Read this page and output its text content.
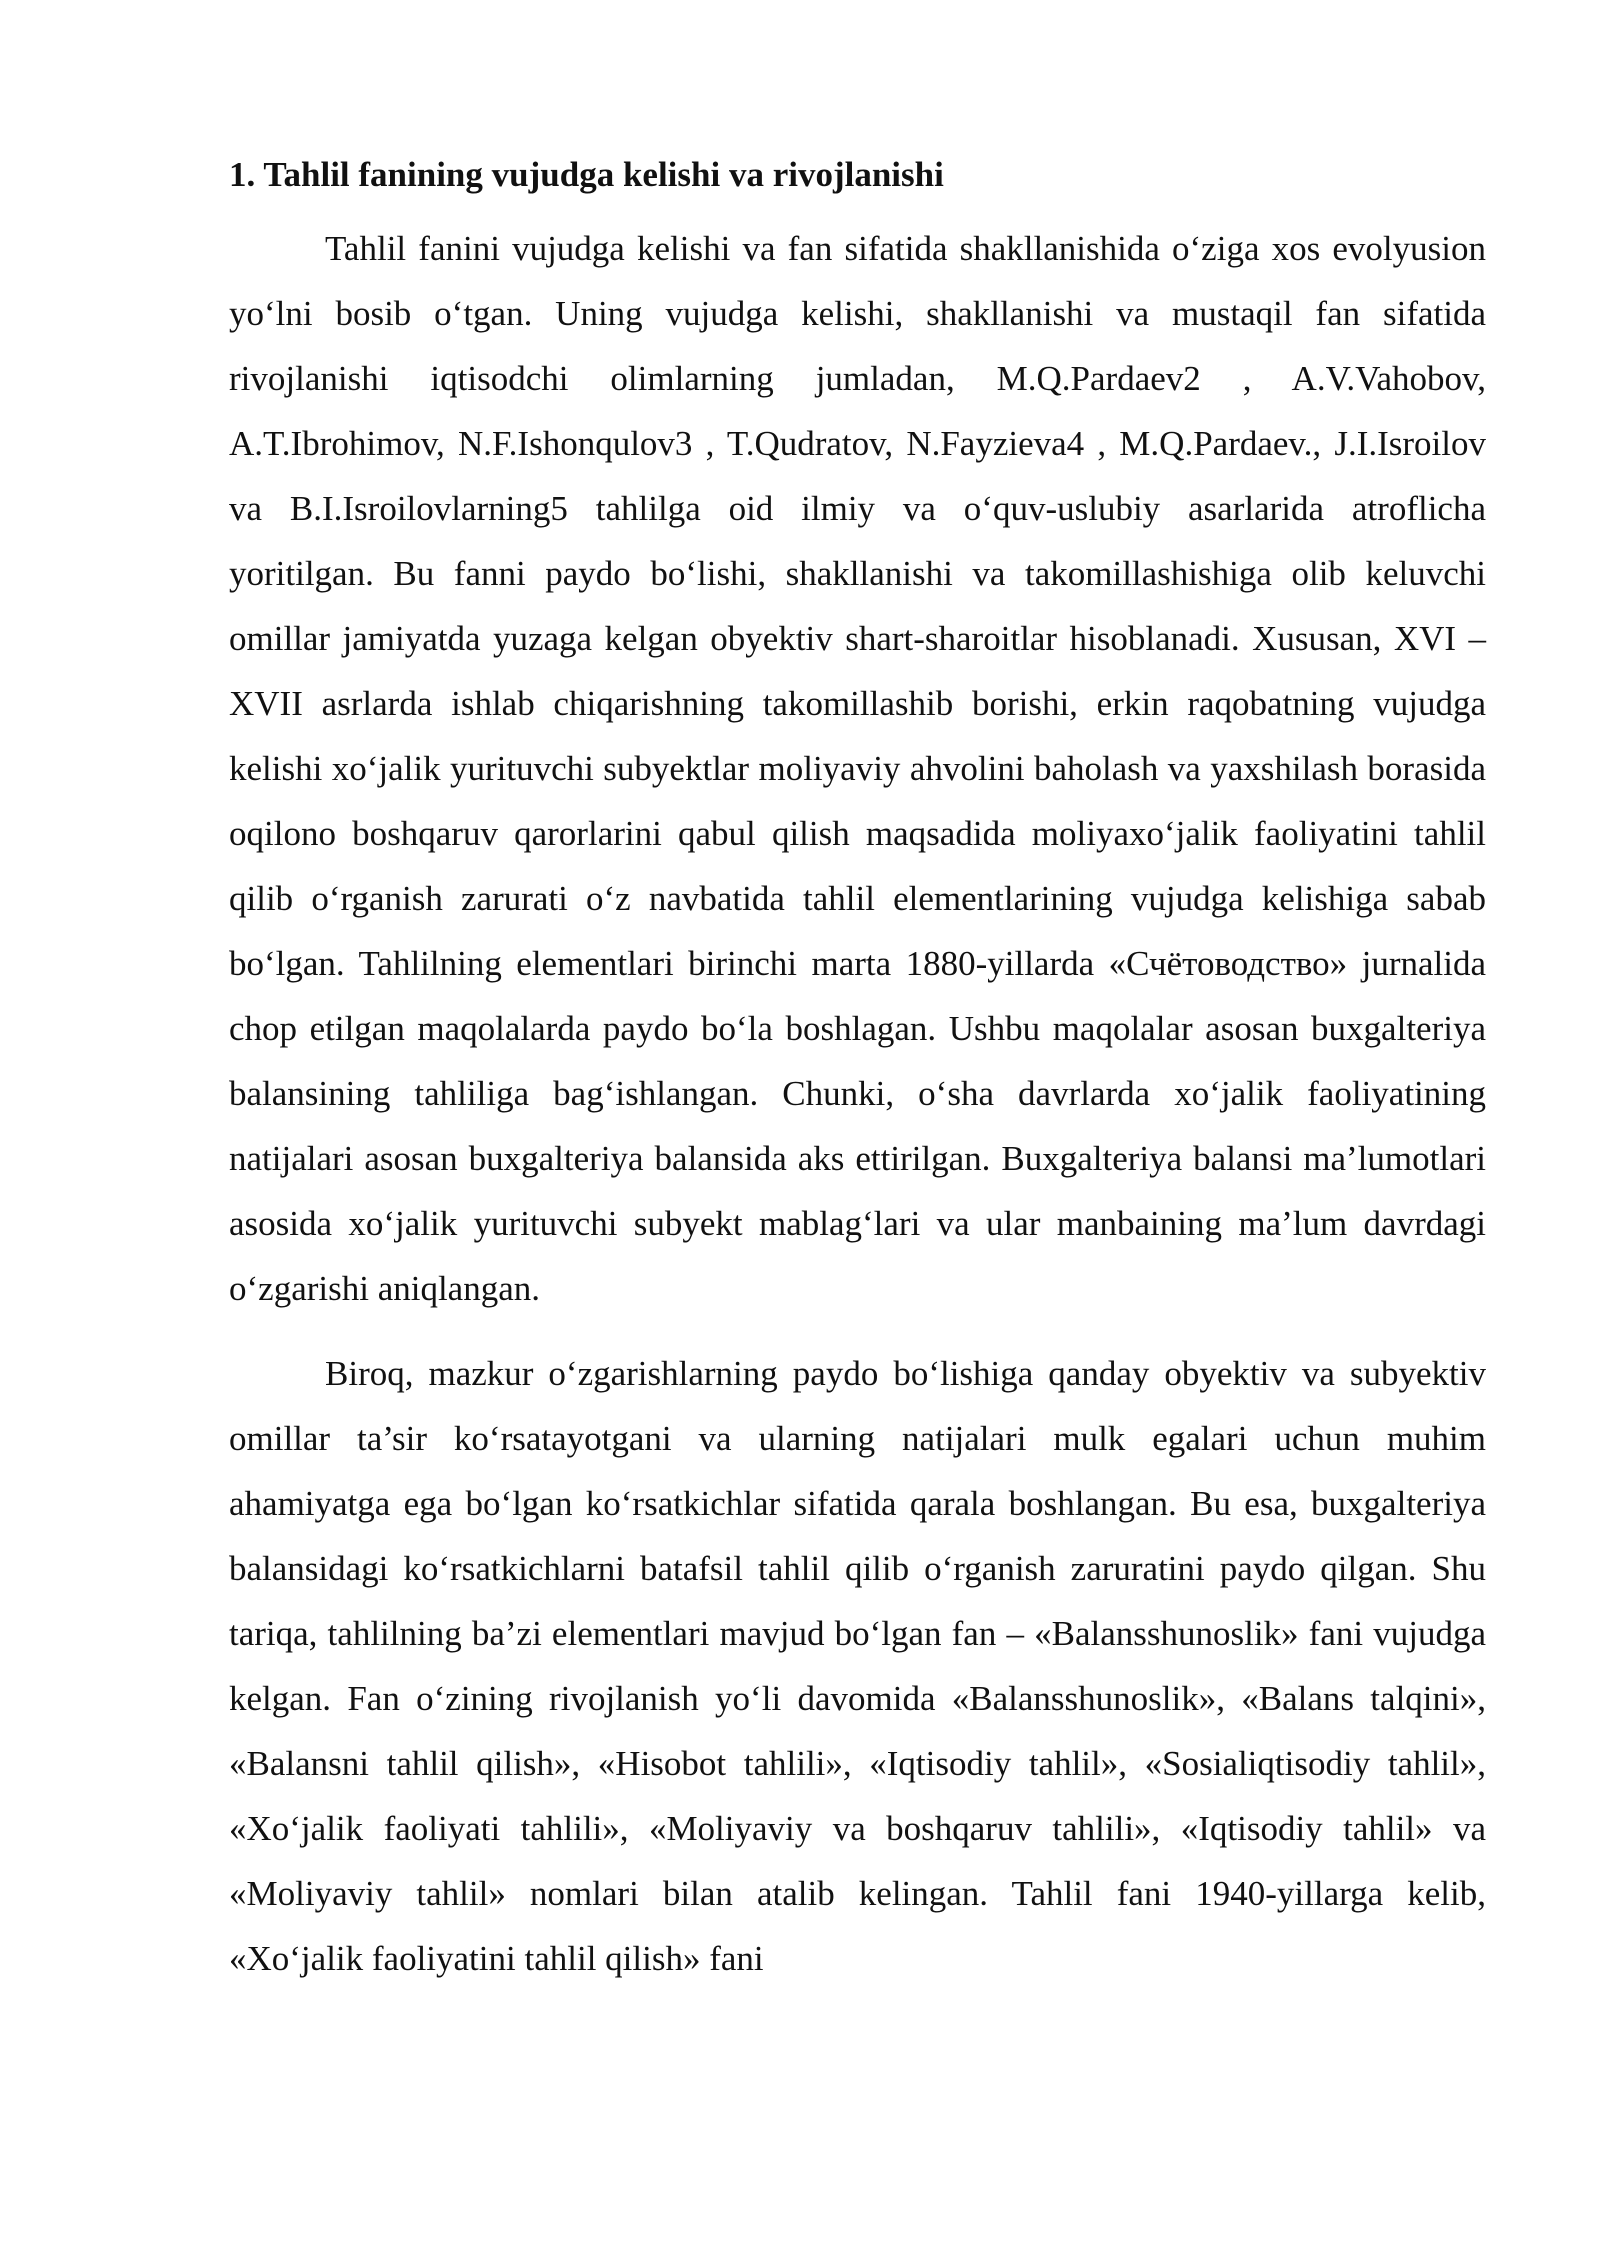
1. Tahlil fanining vujudga kelishi va rivojlanishi

Tahlil fanini vujudga kelishi va fan sifatida shakllanishida o‘ziga xos evolyusion yo‘lni bosib o‘tgan. Uning vujudga kelishi, shakllanishi va mustaqil fan sifatida rivojlanishi iqtisodchi olimlarning jumladan, M.Q.Pardaev2 , A.V.Vahobov, A.T.Ibrohimov, N.F.Ishonqulov3 , T.Qudratov, N.Fayzieva4 , M.Q.Pardaev., J.I.Isroilov va B.I.Isroilovlarning5 tahlilga oid ilmiy va o‘quv-uslubiy asarlarida atroflicha yoritilgan. Bu fanni paydo bo‘lishi, shakllanishi va takomillashishiga olib keluvchi omillar jamiyatda yuzaga kelgan obyektiv shart-sharoitlar hisoblanadi. Xususan, XVI – XVII asrlarda ishlab chiqarishning takomillashib borishi, erkin raqobatning vujudga kelishi xo‘jalik yurituvchi subyektlar moliyaviy ahvolini baholash va yaxshilash borasida oqilono boshqaruv qarorlarini qabul qilish maqsadida moliyaxo‘jalik faoliyatini tahlil qilib o‘rganish zarurati o‘z navbatida tahlil elementlarining vujudga kelishiga sabab bo‘lgan. Tahlilning elementlari birinchi marta 1880-yillarda «Счётоводство» jurnalida chop etilgan maqolalarda paydo bo‘la boshlagan. Ushbu maqolalar asosan buxgalteriya balansining tahliliga bag‘ishlangan. Chunki, o‘sha davrlarda xo‘jalik faoliyatining natijalari asosan buxgalteriya balansida aks ettirilgan. Buxgalteriya balansi ma’lumotlari asosida xo‘jalik yurituvchi subyekt mablag‘lari va ular manbaining ma’lum davrdagi o‘zgarishi aniqlangan.

Biroq, mazkur o‘zgarishlarning paydo bo‘lishiga qanday obyektiv va subyektiv omillar ta’sir ko‘rsatayotgani va ularning natijalari mulk egalari uchun muhim ahamiyatga ega bo‘lgan ko‘rsatkichlar sifatida qarala boshlangan. Bu esa, buxgalteriya balansidagi ko‘rsatkichlarni batafsil tahlil qilib o‘rganish zaruratini paydo qilgan. Shu tariqa, tahlilning ba’zi elementlari mavjud bo‘lgan fan – «Balansshunoslik» fani vujudga kelgan. Fan o‘zining rivojlanish yo‘li davomida «Balansshunoslik», «Balans talqini», «Balansni tahlil qilish», «Hisobot tahlili», «Iqtisodiy tahlil», «Sosialiqtisodiy tahlil», «Xo‘jalik faoliyati tahlili», «Moliyaviy va boshqaruv tahlili», «Iqtisodiy tahlil» va «Moliyaviy tahlil» nomlari bilan atalib kelingan. Tahlil fani 1940-yillarga kelib, «Xo‘jalik faoliyatini tahlil qilish» fani
